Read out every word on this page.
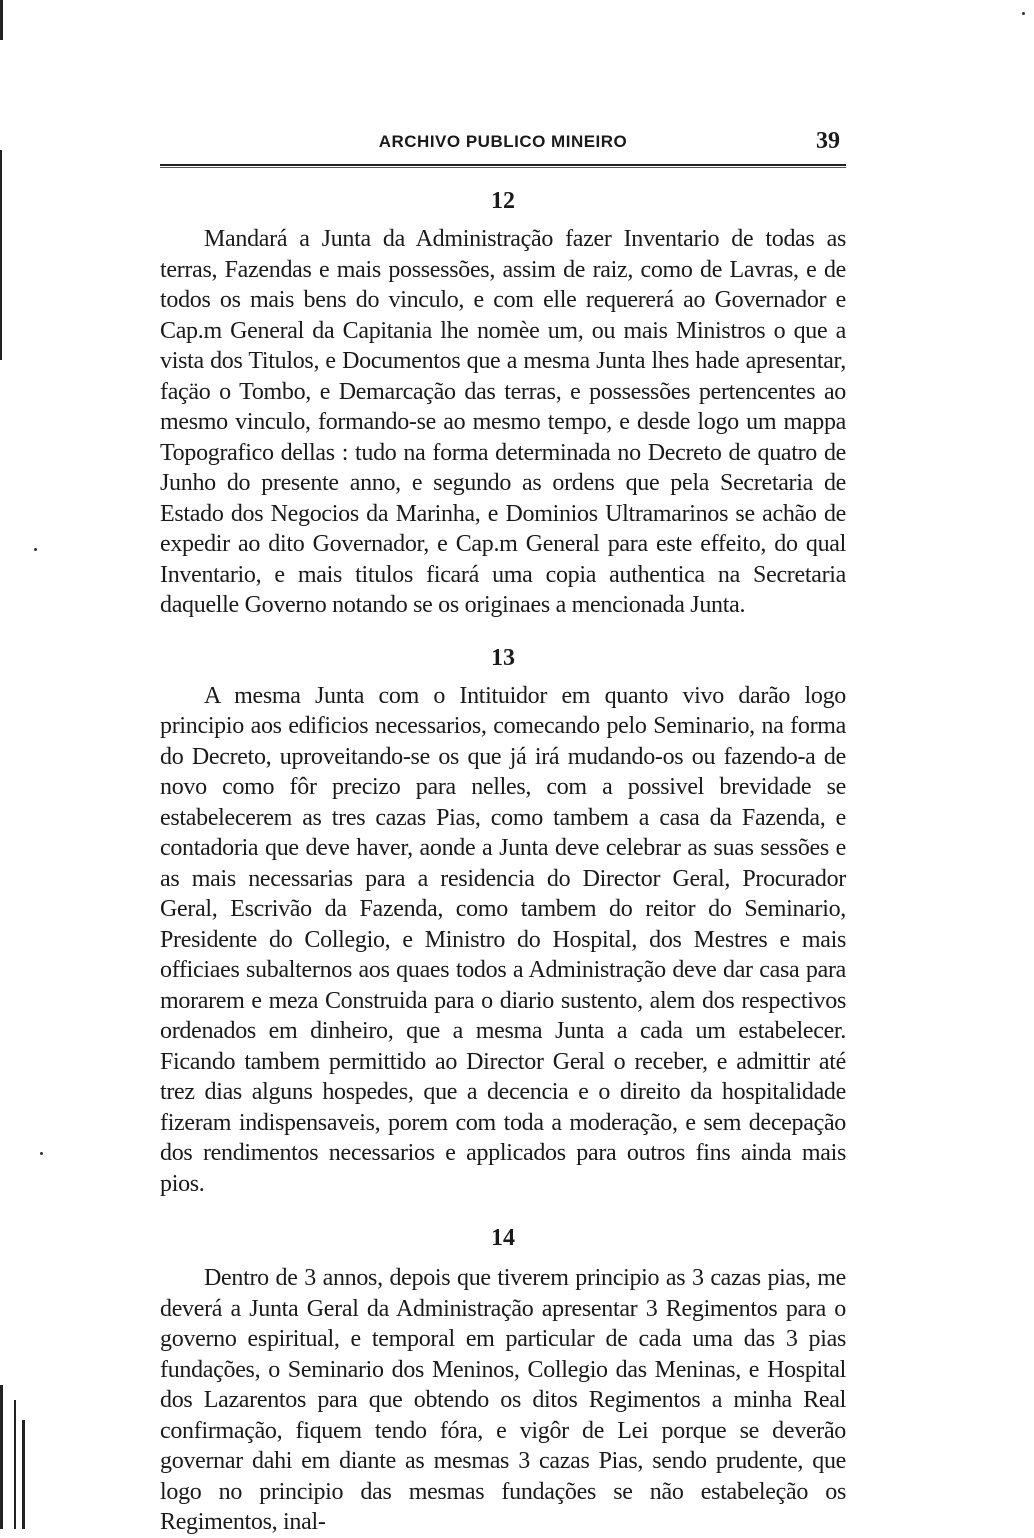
ARCHIVO PUBLICO MINEIRO	39
12

Mandará a Junta da Administração fazer Inventario de todas as terras, Fazendas e mais possessões, assim de raiz, como de Lavras, e de todos os mais bens do vinculo, e com elle requererá ao Governador e Cap.m General da Capitania lhe nomèe um, ou mais Ministros o que a vista dos Titulos, e Documentos que a mesma Junta lhes hade apresentar, façäo o Tombo, e Demarcação das terras, e possessões pertencentes ao mesmo vinculo, formando-se ao mesmo tempo, e desde logo um mappa Topografico dellas : tudo na forma determinada no Decreto de quatro de Junho do presente anno, e segundo as ordens que pela Secretaria de Estado dos Negocios da Marinha, e Dominios Ultramarinos se achão de expedir ao dito Governador, e Cap.m General para este effeito, do qual Inventario, e mais titulos ficará uma copia authentica na Secretaria daquelle Governo notando se os originaes a mencionada Junta.

13

A mesma Junta com o Intituidor em quanto vivo darão logo principio aos edificios necessarios, comecando pelo Seminario, na forma do Decreto, uproveitando-se os que já irá mudando-os ou fazendo-a de novo como fôr precizo para nelles, com a possivel brevidade se estabelecerem as tres cazas Pias, como tambem a casa da Fazenda, e contadoria que deve haver, aonde a Junta deve celebrar as suas sessões e as mais necessarias para a residencia do Director Geral, Procurador Geral, Escrivão da Fazenda, como tambem do reitor do Seminario, Presidente do Collegio, e Ministro do Hospital, dos Mestres e mais officiaes subalternos aos quaes todos a Administração deve dar casa para morarem e meza Construida para o diario sustento, alem dos respectivos ordenados em dinheiro, que a mesma Junta a cada um estabelecer. Ficando tambem permittido ao Director Geral o receber, e admittir até trez dias alguns hospedes, que a decencia e o direito da hospitalidade fizeram indispensaveis, porem com toda a moderação, e sem decepação dos rendimentos necessarios e applicados para outros fins ainda mais pios.

14

Dentro de 3 annos, depois que tiverem principio as 3 cazas pias, me deverá a Junta Geral da Administração apresentar 3 Regimentos para o governo espiritual, e temporal em particular de cada uma das 3 pias fundações, o Seminario dos Meninos, Collegio das Meninas, e Hospital dos Lazarentos para que obtendo os ditos Regimentos a minha Real confirmação, fiquem tendo fóra, e vigôr de Lei porque se deverão governar dahi em diante as mesmas 3 cazas Pias, sendo prudente, que logo no principio das mesmas fundações se não estabeleção os Regimentos, inal-
